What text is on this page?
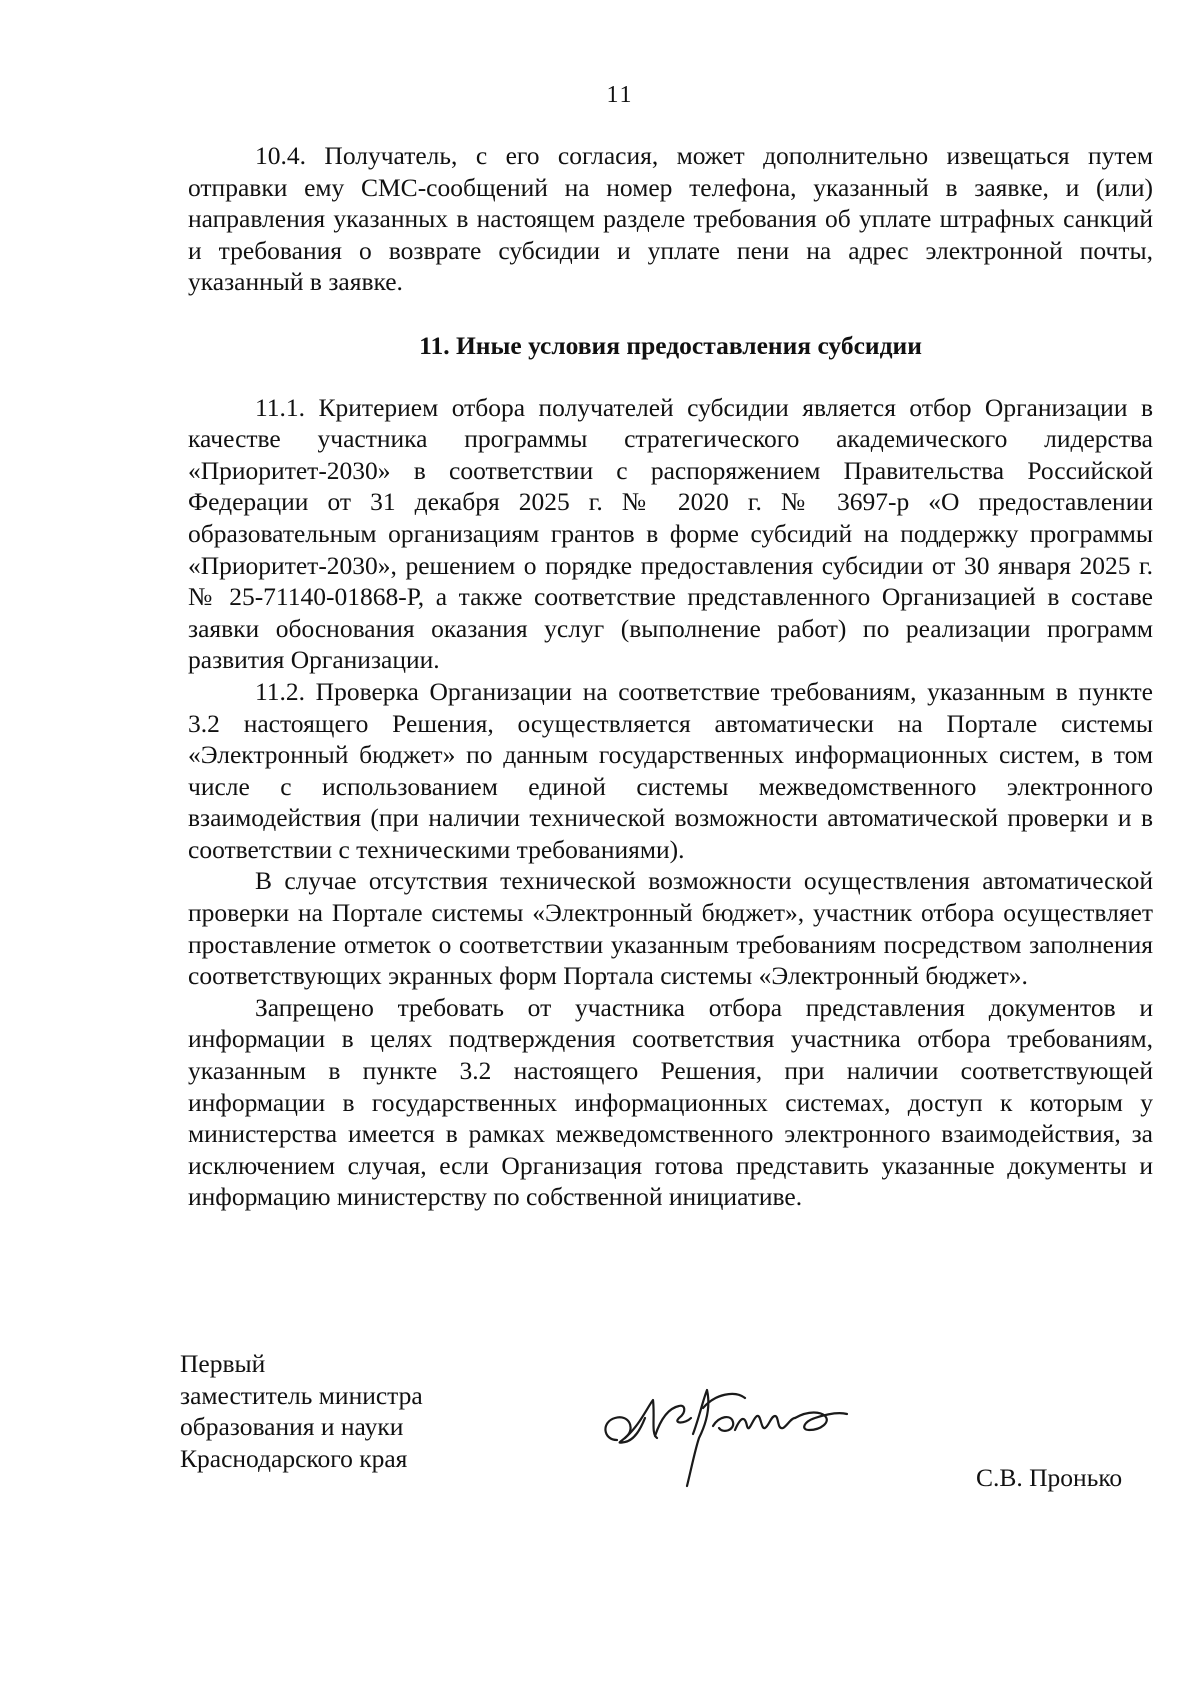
11

10.4. Получатель, с его согласия, может дополнительно извещаться путем отправки ему СМС-сообщений на номер телефона, указанный в заявке, и (или) направления указанных в настоящем разделе требования об уплате штрафных санкций и требования о возврате субсидии и уплате пени на адрес электронной почты, указанный в заявке.

11. Иные условия предоставления субсидии

11.1. Критерием отбора получателей субсидии является отбор Организации в качестве участника программы стратегического академического лидерства «Приоритет-2030» в соответствии с распоряжением Правительства Российской Федерации от 31 декабря 2025 г. № 2020 г. № 3697-р «О предоставлении образовательным организациям грантов в форме субсидий на поддержку программы «Приоритет-2030», решением о порядке предоставления субсидии от 30 января 2025 г. № 25-71140-01868-Р, а также соответствие представленного Организацией в составе заявки обоснования оказания услуг (выполнение работ) по реализации программ развития Организации.

11.2. Проверка Организации на соответствие требованиям, указанным в пункте 3.2 настоящего Решения, осуществляется автоматически на Портале системы «Электронный бюджет» по данным государственных информационных систем, в том числе с использованием единой системы межведомственного электронного взаимодействия (при наличии технической возможности автоматической проверки и в соответствии с техническими требованиями).

В случае отсутствия технической возможности осуществления автоматической проверки на Портале системы «Электронный бюджет», участник отбора осуществляет проставление отметок о соответствии указанным требованиям посредством заполнения соответствующих экранных форм Портала системы «Электронный бюджет».

Запрещено требовать от участника отбора представления документов и информации в целях подтверждения соответствия участника отбора требованиям, указанным в пункте 3.2 настоящего Решения, при наличии соответствующей информации в государственных информационных системах, доступ к которым у министерства имеется в рамках межведомственного электронного взаимодействия, за исключением случая, если Организация готова представить указанные документы и информацию министерству по собственной инициативе.

Первый
заместитель министра
образования и науки
Краснодарского края
С.В. Пронько
